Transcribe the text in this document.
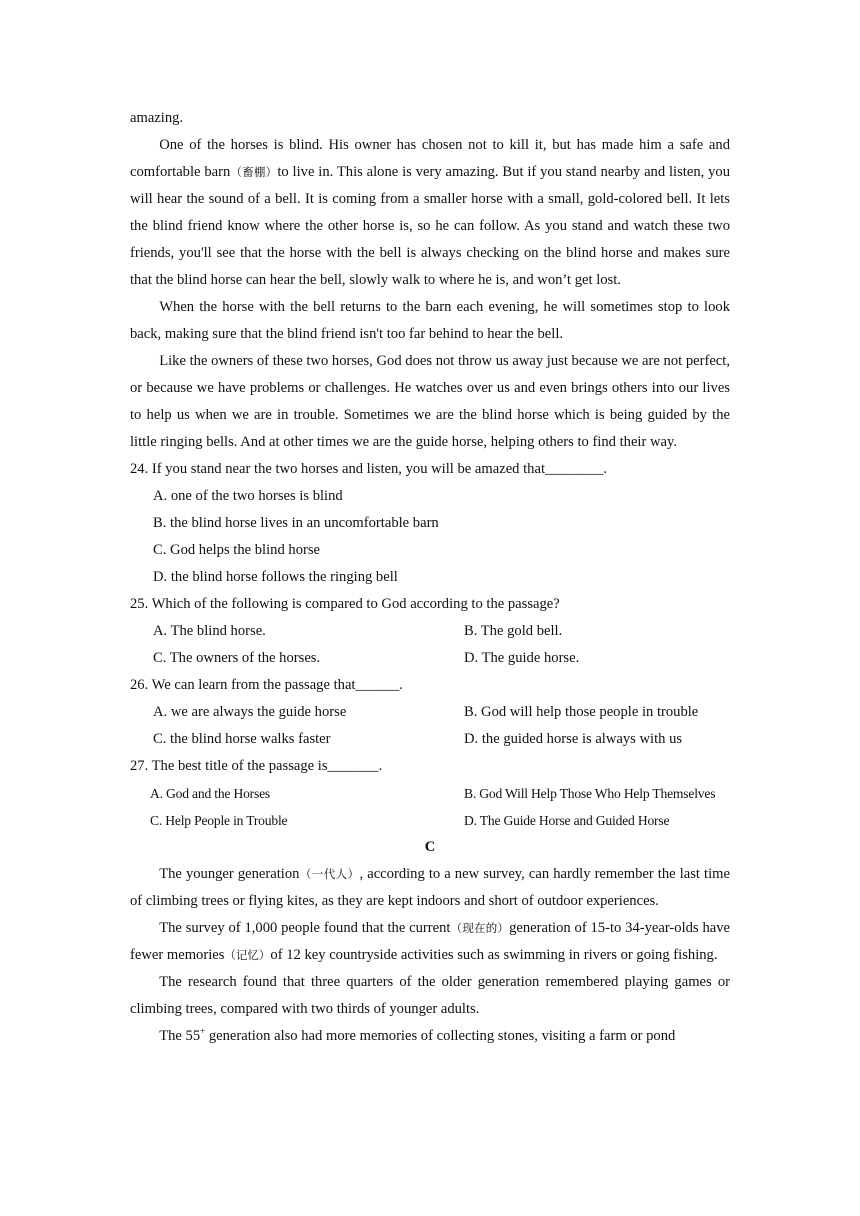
amazing.

One of the horses is blind. His owner has chosen not to kill it, but has made him a safe and comfortable barn（畜棚）to live in. This alone is very amazing. But if you stand nearby and listen, you will hear the sound of a bell. It is coming from a smaller horse with a small, gold-colored bell. It lets the blind friend know where the other horse is, so he can follow. As you stand and watch these two friends, you'll see that the horse with the bell is always checking on the blind horse and makes sure that the blind horse can hear the bell, slowly walk to where he is, and won’t get lost.

When the horse with the bell returns to the barn each evening, he will sometimes stop to look back, making sure that the blind friend isn't too far behind to hear the bell.

Like the owners of these two horses, God does not throw us away just because we are not perfect, or because we have problems or challenges. He watches over us and even brings others into our lives to help us when we are in trouble. Sometimes we are the blind horse which is being guided by the little ringing bells. And at other times we are the guide horse, helping others to find their way.

24. If you stand near the two horses and listen, you will be amazed that________.

A. one of the two horses is blind

B. the blind horse lives in an uncomfortable barn

C. God helps the blind horse

D. the blind horse follows the ringing bell

25. Which of the following is compared to God according to the passage?

A. The blind horse.	B. The gold bell.
C. The owners of the horses.	D. The guide horse.

26. We can learn from the passage that______.

A. we are always the guide horse	B. God will help those people in trouble
C. the blind horse walks faster	D. the guided horse is always with us

27. The best title of the passage is_______.

A. God and the Horses	B. God Will Help Those Who Help Themselves
C. Help People in Trouble	D. The Guide Horse and Guided Horse

C

The younger generation（一代人）, according to a new survey, can hardly remember the last time of climbing trees or flying kites, as they are kept indoors and short of outdoor experiences.

The survey of 1,000 people found that the current（现在的）generation of 15-to 34-year-olds have fewer memories（记忆）of 12 key countryside activities such as swimming in rivers or going fishing.

The research found that three quarters of the older generation remembered playing games or climbing trees, compared with two thirds of younger adults.

The 55+ generation also had more memories of collecting stones, visiting a farm or pond
